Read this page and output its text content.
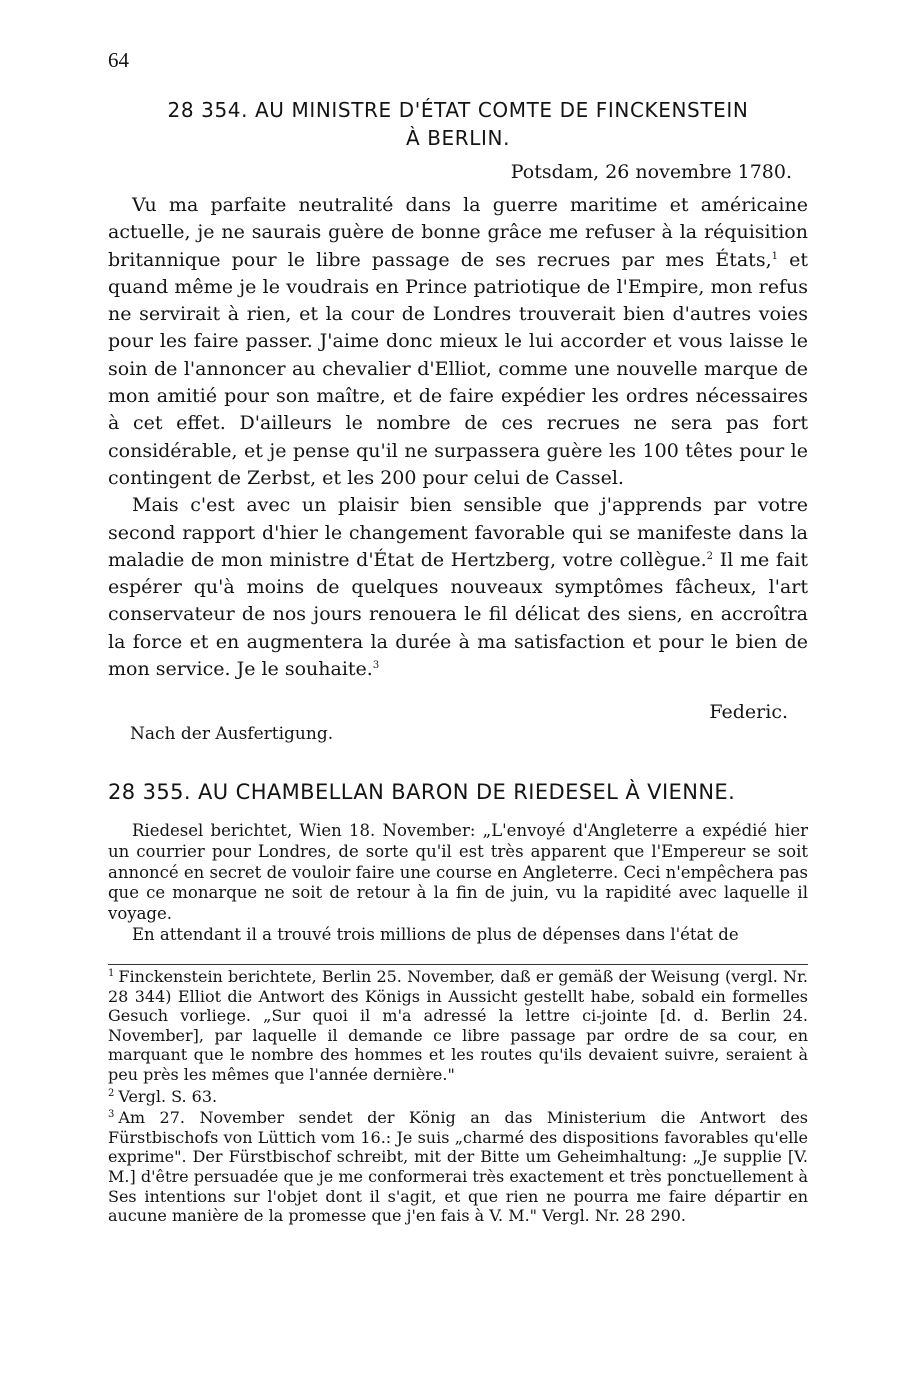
64
28 354. AU MINISTRE D'ÉTAT COMTE DE FINCKENSTEIN
À BERLIN.
Potsdam, 26 novembre 1780.

Vu ma parfaite neutralité dans la guerre maritime et américaine actuelle, je ne saurais guère de bonne grâce me refuser à la réquisition britannique pour le libre passage de ses recrues par mes États,$^1$ et quand même je le voudrais en Prince patriotique de l'Empire, mon refus ne servirait à rien, et la cour de Londres trouverait bien d'autres voies pour les faire passer. J'aime donc mieux le lui accorder et vous laisse le soin de l'annoncer au chevalier d'Elliot, comme une nouvelle marque de mon amitié pour son maître, et de faire expédier les ordres nécessaires à cet effet. D'ailleurs le nombre de ces recrues ne sera pas fort considérable, et je pense qu'il ne surpassera guère les 100 têtes pour le contingent de Zerbst, et les 200 pour celui de Cassel.

Mais c'est avec un plaisir bien sensible que j'apprends par votre second rapport d'hier le changement favorable qui se manifeste dans la maladie de mon ministre d'État de Hertzberg, votre collègue.$^2$ Il me fait espérer qu'à moins de quelques nouveaux symptômes fâcheux, l'art conservateur de nos jours renouera le fil délicat des siens, en accroîtra la force et en augmentera la durée à ma satisfaction et pour le bien de mon service. Je le souhaite.$^3$

Federic.
Nach der Ausfertigung.
28 355. AU CHAMBELLAN BARON DE RIEDESEL À VIENNE.

Riedesel berichtet, Wien 18. November: „L'envoyé d'Angleterre a expédié hier un courrier pour Londres, de sorte qu'il est très apparent que l'Empereur se soit annoncé en secret de vouloir faire une course en Angleterre. Ceci n'empêchera pas que ce monarque ne soit de retour à la fin de juin, vu la rapidité avec laquelle il voyage.

En attendant il a trouvé trois millions de plus de dépenses dans l'état de

$^1$ Finckenstein berichtete, Berlin 25. November, daß er gemäß der Weisung (vergl. Nr. 28 344) Elliot die Antwort des Königs in Aussicht gestellt habe, sobald ein formelles Gesuch vorliege. „Sur quoi il m'a adressé la lettre ci-jointe [d. d. Berlin 24. November], par laquelle il demande ce libre passage par ordre de sa cour, en marquant que le nombre des hommes et les routes qu'ils devaient suivre, seraient à peu près les mêmes que l'année dernière."

$^2$ Vergl. S. 63.

$^3$ Am 27. November sendet der König an das Ministerium die Antwort des Fürstbischofs von Lüttich vom 16.: Je suis „charmé des dispositions favorables qu'elle exprime". Der Fürstbischof schreibt, mit der Bitte um Geheimhaltung: „Je supplie [V. M.] d'être persuadée que je me conformerai très exactement et très ponctuellement à Ses intentions sur l'objet dont il s'agit, et que rien ne pourra me faire départir en aucune manière de la promesse que j'en fais à V. M." Vergl. Nr. 28 290.
